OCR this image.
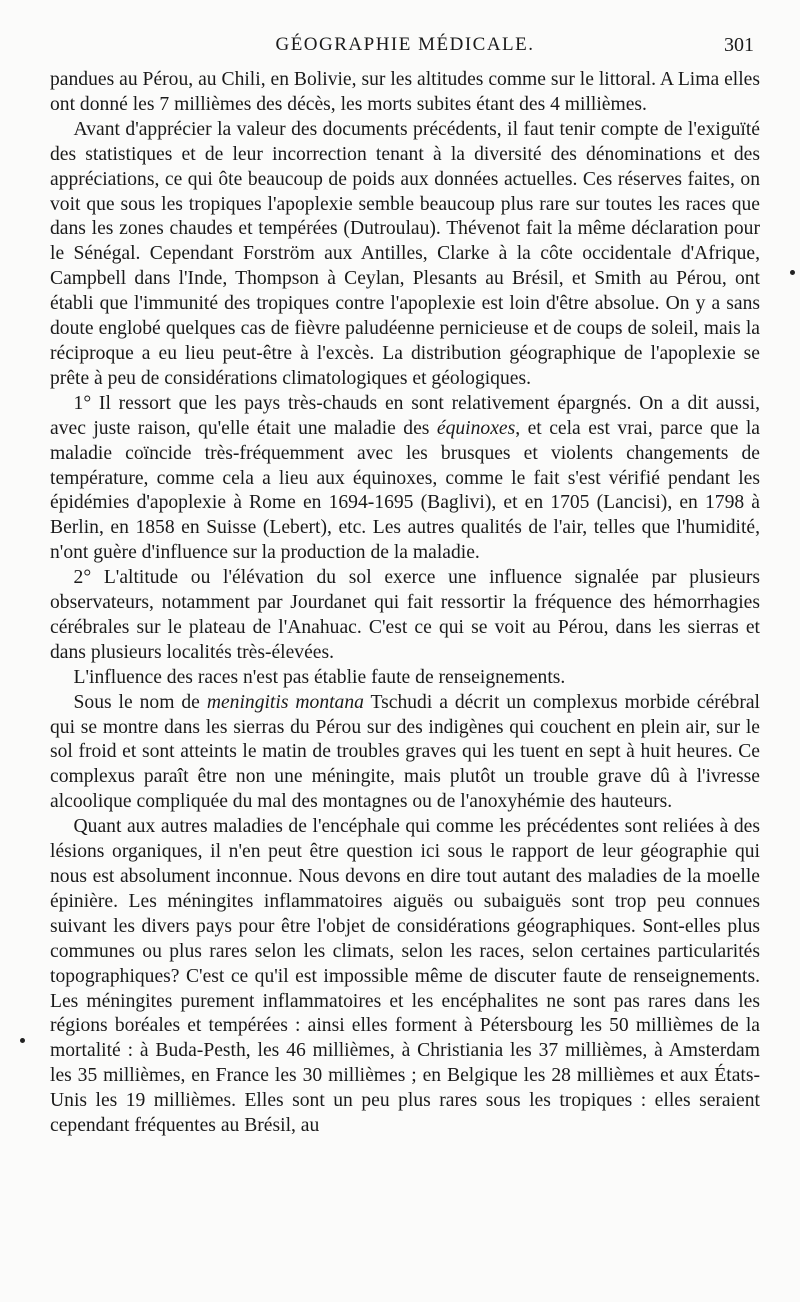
GÉOGRAPHIE MÉDICALE.	301

pandues au Pérou, au Chili, en Bolivie, sur les altitudes comme sur le littoral. A Lima elles ont donné les 7 millièmes des décès, les morts subites étant des 4 millièmes.

Avant d'apprécier la valeur des documents précédents, il faut tenir compte de l'exiguïté des statistiques et de leur incorrection tenant à la diversité des dénominations et des appréciations, ce qui ôte beaucoup de poids aux données actuelles. Ces réserves faites, on voit que sous les tropiques l'apoplexie semble beaucoup plus rare sur toutes les races que dans les zones chaudes et tempérées (Dutroulau). Thévenot fait la même déclaration pour le Sénégal. Cependant Forström aux Antilles, Clarke à la côte occidentale d'Afrique, Campbell dans l'Inde, Thompson à Ceylan, Plesants au Brésil, et Smith au Pérou, ont établi que l'immunité des tropiques contre l'apoplexie est loin d'être absolue. On y a sans doute englobé quelques cas de fièvre paludéenne pernicieuse et de coups de soleil, mais la réciproque a eu lieu peut-être à l'excès. La distribution géographique de l'apoplexie se prête à peu de considérations climatologiques et géologiques.

1° Il ressort que les pays très-chauds en sont relativement épargnés. On a dit aussi, avec juste raison, qu'elle était une maladie des équinoxes, et cela est vrai, parce que la maladie coïncide très-fréquemment avec les brusques et violents changements de température, comme cela a lieu aux équinoxes, comme le fait s'est vérifié pendant les épidémies d'apoplexie à Rome en 1694-1695 (Baglivi), et en 1705 (Lancisi), en 1798 à Berlin, en 1858 en Suisse (Lebert), etc. Les autres qualités de l'air, telles que l'humidité, n'ont guère d'influence sur la production de la maladie.

2° L'altitude ou l'élévation du sol exerce une influence signalée par plusieurs observateurs, notamment par Jourdanet qui fait ressortir la fréquence des hémorrhagies cérébrales sur le plateau de l'Anahuac. C'est ce qui se voit au Pérou, dans les sierras et dans plusieurs localités très-élevées.

L'influence des races n'est pas établie faute de renseignements.

Sous le nom de meningitis montana Tschudi a décrit un complexus morbide cérébral qui se montre dans les sierras du Pérou sur des indigènes qui couchent en plein air, sur le sol froid et sont atteints le matin de troubles graves qui les tuent en sept à huit heures. Ce complexus paraît être non une méningite, mais plutôt un trouble grave dû à l'ivresse alcoolique compliquée du mal des montagnes ou de l'anoxyhémie des hauteurs.

Quant aux autres maladies de l'encéphale qui comme les précédentes sont reliées à des lésions organiques, il n'en peut être question ici sous le rapport de leur géographie qui nous est absolument inconnue. Nous devons en dire tout autant des maladies de la moelle épinière. Les méningites inflammatoires aiguës ou subaiguës sont trop peu connues suivant les divers pays pour être l'objet de considérations géographiques. Sont-elles plus communes ou plus rares selon les climats, selon les races, selon certaines particularités topographiques? C'est ce qu'il est impossible même de discuter faute de renseignements. Les méningites purement inflammatoires et les encéphalites ne sont pas rares dans les régions boréales et tempérées : ainsi elles forment à Pétersbourg les 50 millièmes de la mortalité : à Buda-Pesth, les 46 millièmes, à Christiania les 37 millièmes, à Amsterdam les 35 millièmes, en France les 30 millièmes ; en Belgique les 28 millièmes et aux États-Unis les 19 millièmes. Elles sont un peu plus rares sous les tropiques : elles seraient cependant fréquentes au Brésil, au
